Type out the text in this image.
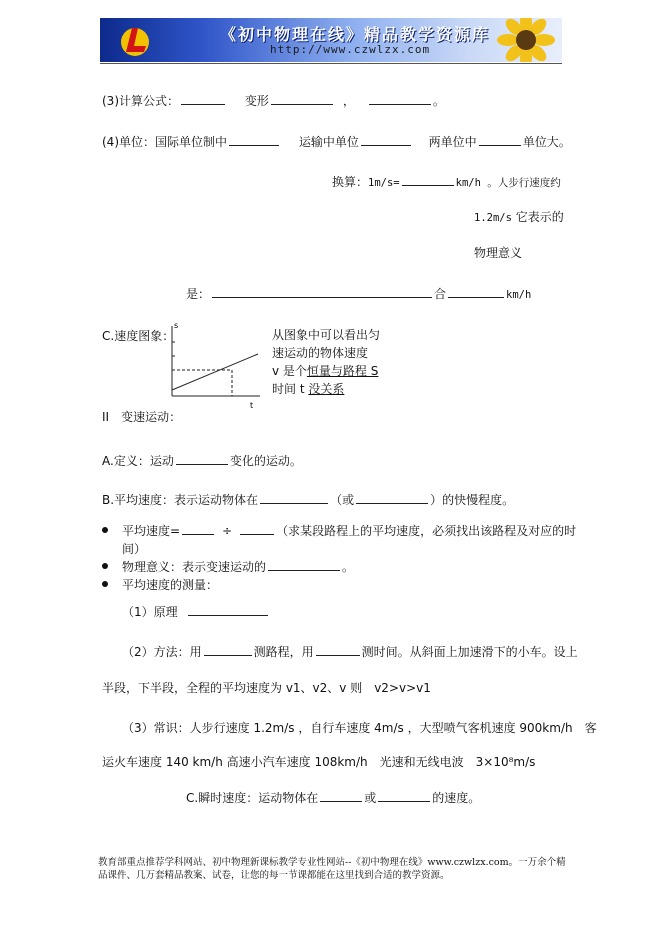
《初中物理在线》精品教学资源库
http://www.czwlzx.com
(3)计算公式：	变形	，	。
(4)单位：国际单位制中	运输中单位	两单位中	单位大。
换算：1m/s=	km/h 。人步行速度约
1.2m/s 它表示的
物理意义
是：	合	km/h
C.速度图象：
s
t
从图象中可以看出匀
速运动的物体速度
v 是个恒量与路程 S
时间 t 没关系
II　变速运动：
A.定义：运动	变化的运动。
B.平均速度：表示运动物体在	（或	）的快慢程度。
平均速度=	÷	（求某段路程上的平均速度，必须找出该路程及对应的时
间）
物理意义：表示变速运动的	。
平均速度的测量：
（1）原理
（2）方法：用	测路程，用	测时间。从斜面上加速滑下的小车。设上
半段，下半段，全程的平均速度为 v1、v2、v 则　v2>v>v1
（3）常识：人步行速度 1.2m/s ，自行车速度 4m/s ，大型喷气客机速度 900km/h　客
运火车速度 140 km/h 高速小汽车速度 108km/h　光速和无线电波　3×10⁸m/s
C.瞬时速度：运动物体在	或	的速度。
教育部重点推荐学科网站、初中物理新课标教学专业性网站--《初中物理在线》www.czwlzx.com。一万余个精品课件、几万套精品教案、试卷，让您的每一节课都能在这里找到合适的教学资源。
